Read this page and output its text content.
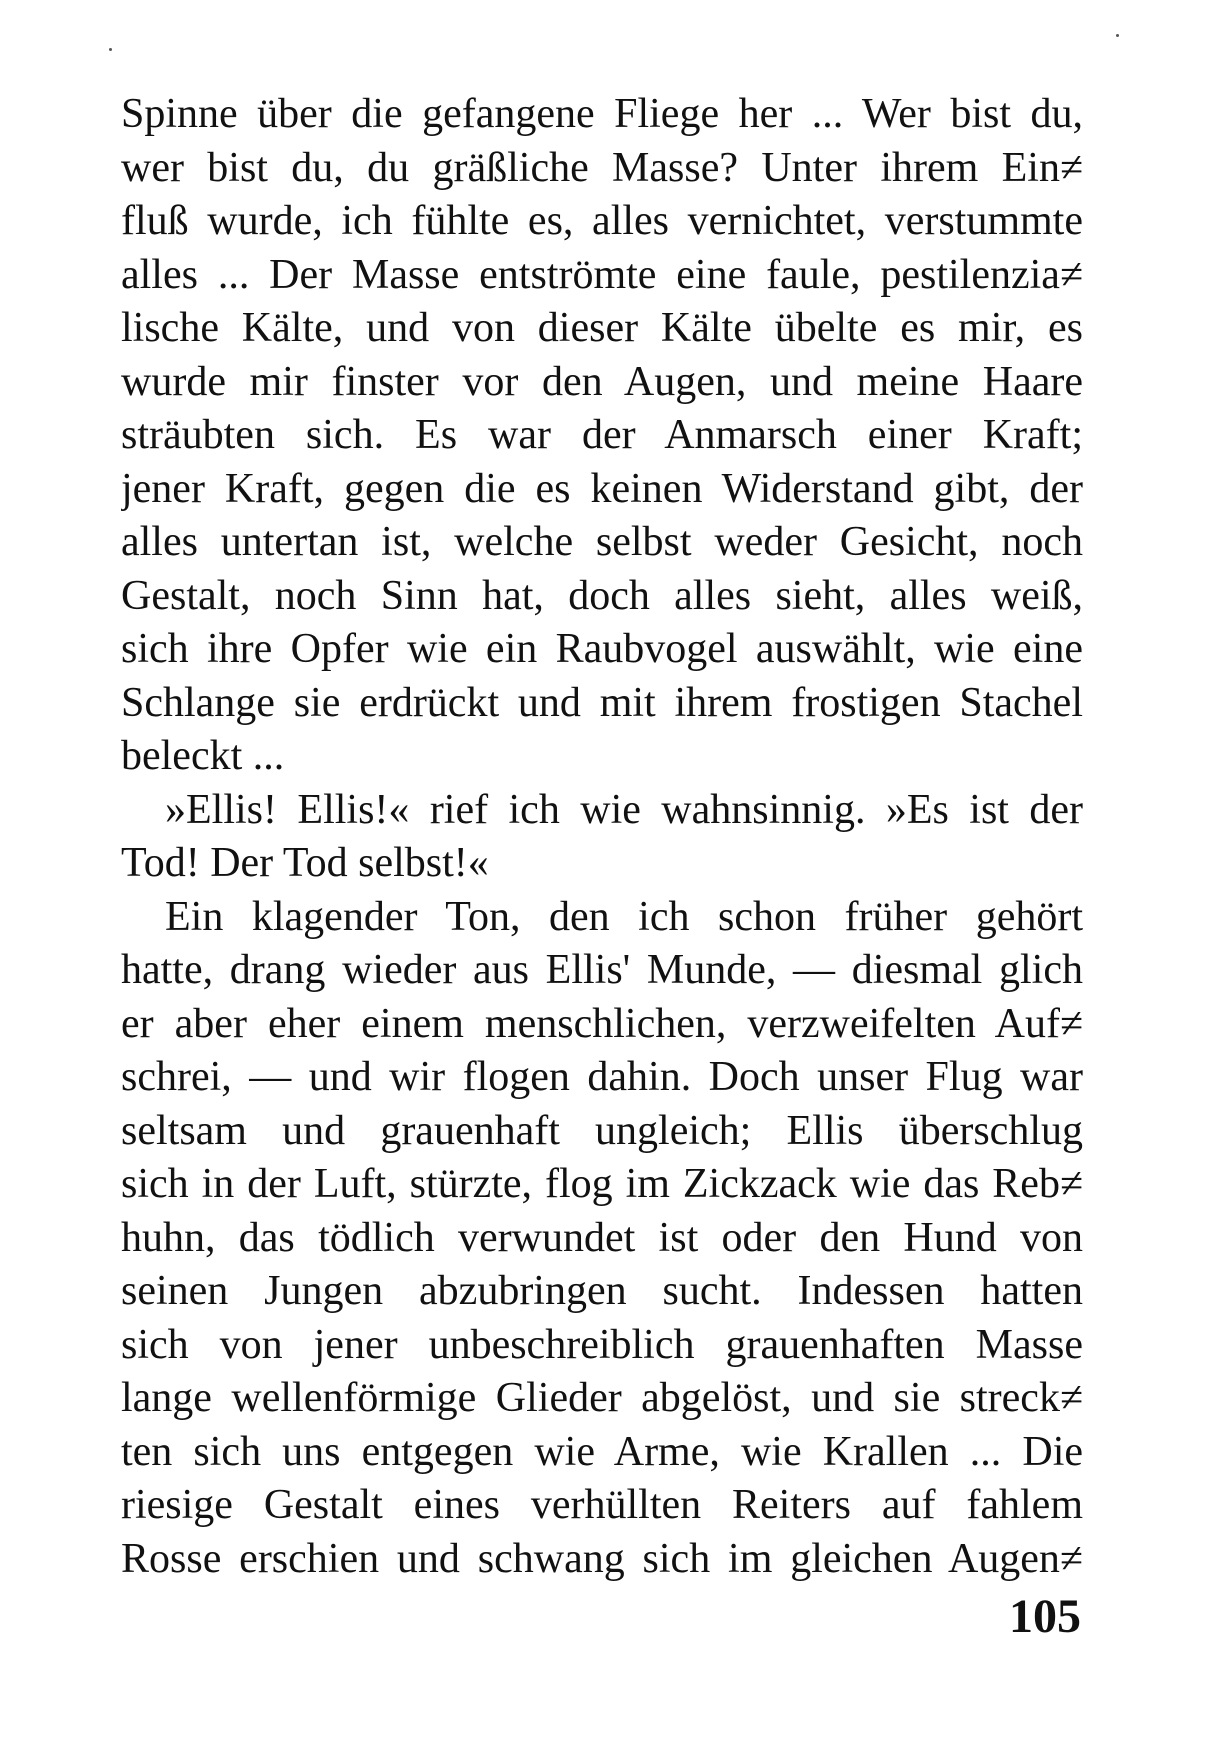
Spinne über die gefangene Fliege her ... Wer bist du,
wer bist du, du gräßliche Masse? Unter ihrem Ein≠
fluß wurde, ich fühlte es, alles vernichtet, verstummte
alles ... Der Masse entströmte eine faule, pestilenzia≠
lische Kälte, und von dieser Kälte übelte es mir, es
wurde mir finster vor den Augen, und meine Haare
sträubten sich. Es war der Anmarsch einer Kraft;
jener Kraft, gegen die es keinen Widerstand gibt, der
alles untertan ist, welche selbst weder Gesicht, noch
Gestalt, noch Sinn hat, doch alles sieht, alles weiß,
sich ihre Opfer wie ein Raubvogel auswählt, wie eine
Schlange sie erdrückt und mit ihrem frostigen Stachel
beleckt ...
»Ellis! Ellis!« rief ich wie wahnsinnig. »Es ist der
Tod! Der Tod selbst!«
Ein klagender Ton, den ich schon früher gehört
hatte, drang wieder aus Ellis' Munde, — diesmal glich
er aber eher einem menschlichen, verzweifelten Auf≠
schrei, — und wir flogen dahin. Doch unser Flug war
seltsam und grauenhaft ungleich; Ellis überschlug
sich in der Luft, stürzte, flog im Zickzack wie das Reb≠
huhn, das tödlich verwundet ist oder den Hund von
seinen Jungen abzubringen sucht. Indessen hatten
sich von jener unbeschreiblich grauenhaften Masse
lange wellenförmige Glieder abgelöst, und sie streck≠
ten sich uns entgegen wie Arme, wie Krallen ... Die
riesige Gestalt eines verhüllten Reiters auf fahlem
Rosse erschien und schwang sich im gleichen Augen≠
105
